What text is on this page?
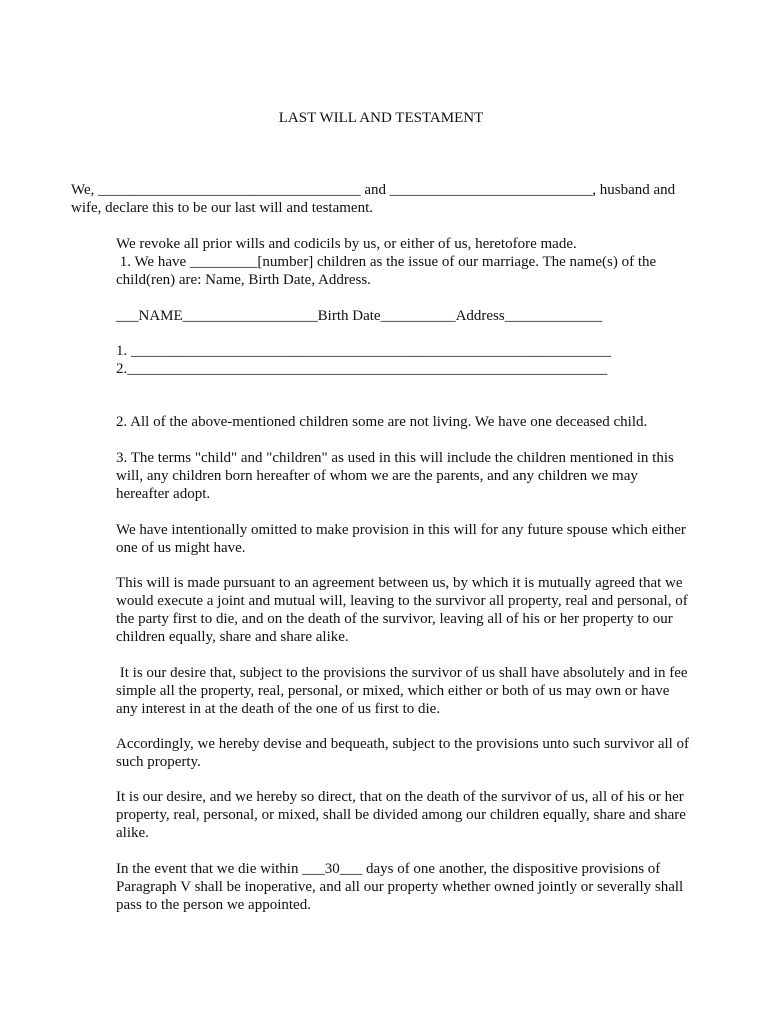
LAST WILL AND TESTAMENT
We, ___________________________________ and ___________________________, husband and
wife, declare this to be our last will and testament.
We revoke all prior wills and codicils by us, or either of us, heretofore made.
1. We have _________[number] children as the issue of our marriage. The name(s) of the
child(ren) are: Name, Birth Date, Address.
___NAME__________________Birth Date__________Address_____________
1. ________________________________________________________________
2.________________________________________________________________
2. All of the above-mentioned children some are not living. We have one deceased child.
3. The terms "child" and "children" as used in this will include the children mentioned in this
will, any children born hereafter of whom we are the parents, and any children we may
hereafter adopt.
We have intentionally omitted to make provision in this will for any future spouse which either
one of us might have.
This will is made pursuant to an agreement between us, by which it is mutually agreed that we
would execute a joint and mutual will, leaving to the survivor all property, real and personal, of
the party first to die, and on the death of the survivor, leaving all of his or her property to our
children equally, share and share alike.
It is our desire that, subject to the provisions the survivor of us shall have absolutely and in fee
simple all the property, real, personal, or mixed, which either or both of us may own or have
any interest in at the death of the one of us first to die.
Accordingly, we hereby devise and bequeath, subject to the provisions unto such survivor all of
such property.
It is our desire, and we hereby so direct, that on the death of the survivor of us, all of his or her
property, real, personal, or mixed, shall be divided among our children equally, share and share
alike.
In the event that we die within ___30___ days of one another, the dispositive provisions of
Paragraph V shall be inoperative, and all our property whether owned jointly or severally shall
pass to the person we appointed.
